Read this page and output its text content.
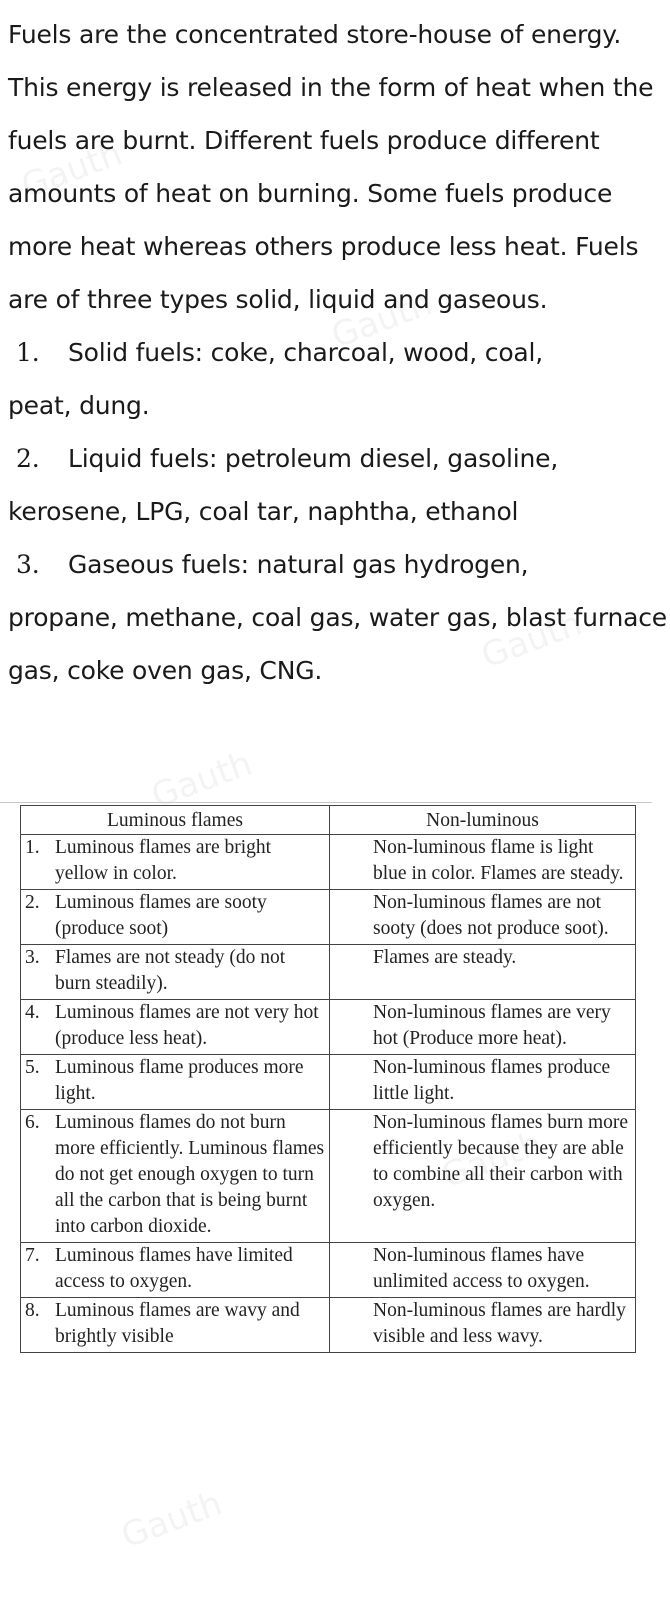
Fuels are the concentrated store-house of energy. This energy is released in the form of heat when the fuels are burnt. Different fuels produce different amounts of heat on burning. Some fuels produce more heat whereas others produce less heat. Fuels are of three types solid, liquid and gaseous.

1. Solid fuels: coke, charcoal, wood, coal,

peat, dung.

2. Liquid fuels: petroleum diesel, gasoline,

kerosene, LPG, coal tar, naphtha, ethanol

3. Gaseous fuels: natural gas hydrogen,

propane, methane, coal gas, water gas, blast furnace gas, coke oven gas, CNG.

Luminous flames	Non-luminous

1. Luminous flames are bright yellow in color.	Non-luminous flame is light blue in color. Flames are steady.

2. Luminous flames are sooty (produce soot)	Non-luminous flames are not sooty (does not produce soot).

3. Flames are not steady (do not burn steadily).	Flames are steady.

4. Luminous flames are not very hot (produce less heat).	Non-luminous flames are very hot (Produce more heat).

5. Luminous flame produces more light.	Non-luminous flames produce little light.

6. Luminous flames do not burn more efficiently. Luminous flames do not get enough oxygen to turn all the carbon that is being burnt into carbon dioxide.	Non-luminous flames burn more efficiently because they are able to combine all their carbon with oxygen.

7. Luminous flames have limited access to oxygen.	Non-luminous flames have unlimited access to oxygen.

8. Luminous flames are wavy and brightly visible	Non-luminous flames are hardly visible and less wavy.
